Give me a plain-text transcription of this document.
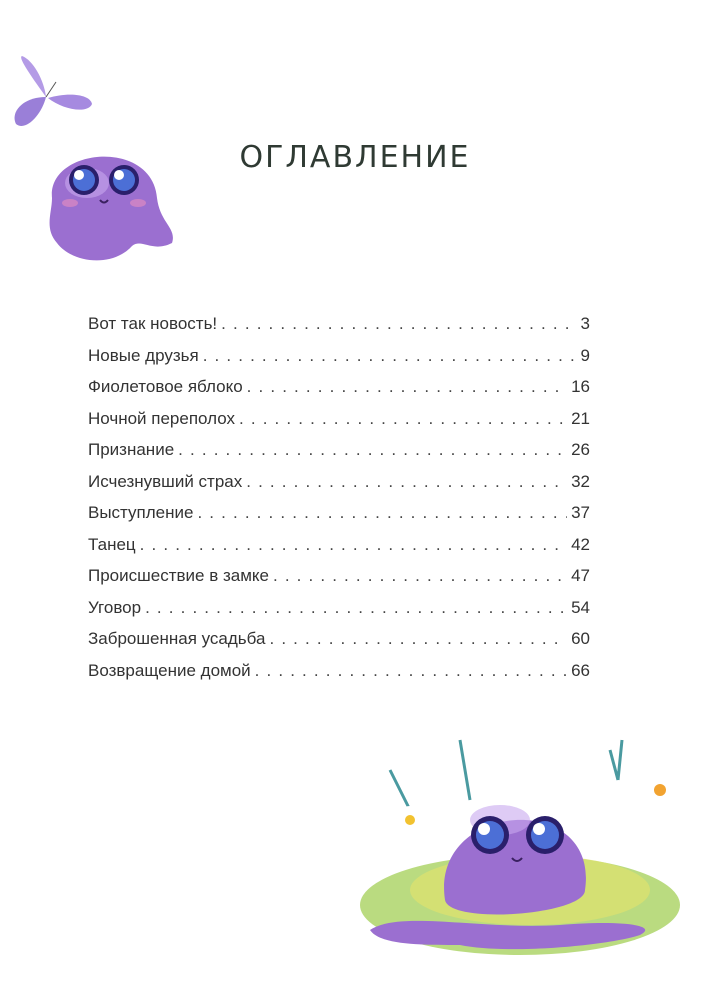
ОГЛАВЛЕНИЕ
Вот так новость! . . .	3
Новые друзья . . .	9
Фиолетовое яблоко . . .	16
Ночной переполох . . .	21
Признание . . .	26
Исчезнувший страх . . .	32
Выступление . . .	37
Танец . . .	42
Происшествие в замке . . .	47
Уговор . . .	54
Заброшенная усадьба . . .	60
Возвращение домой . . .	66
